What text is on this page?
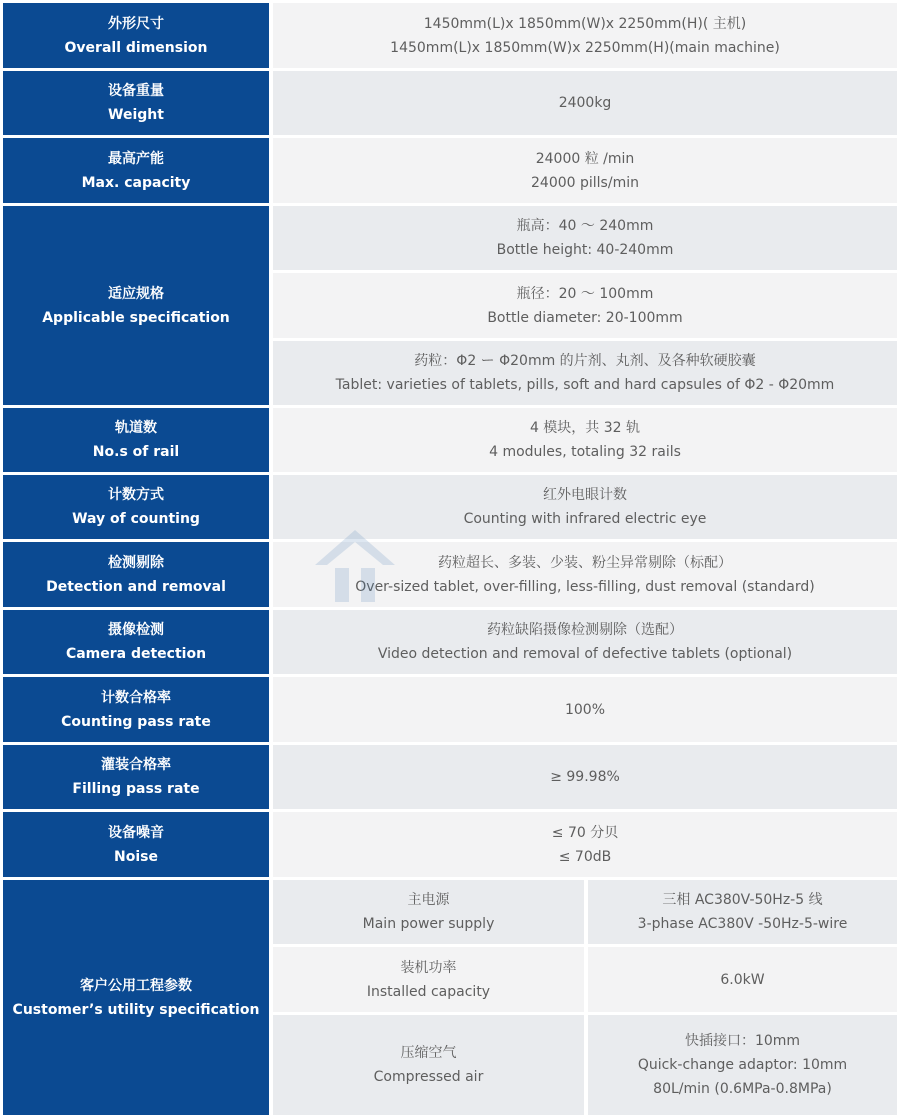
外形尺寸
Overall dimension
1450mm(L)x 1850mm(W)x 2250mm(H)( 主机)
1450mm(L)x 1850mm(W)x 2250mm(H)(main machine)
设备重量
Weight
2400kg
最高产能
Max. capacity
24000 粒 /min
24000 pills/min
适应规格
Applicable specification
瓶高：40 ～ 240mm
Bottle height: 40-240mm
瓶径：20 ～ 100mm
Bottle diameter: 20-100mm
药粒：Φ2 ー Φ20mm 的片剂、丸剂、及各种软硬胶囊
Tablet: varieties of tablets, pills, soft and hard capsules of Φ2 - Φ20mm
轨道数
No.s of rail
4 模块，共 32 轨
4 modules, totaling 32 rails
计数方式
Way of counting
红外电眼计数
Counting with infrared electric eye
检测剔除
Detection and removal
药粒超长、多装、少装、粉尘异常剔除（标配）
Over-sized tablet, over-filling, less-filling, dust removal (standard)
摄像检测
Camera detection
药粒缺陷摄像检测剔除（选配）
Video detection and removal of defective tablets (optional)
计数合格率
Counting pass rate
100%
灌装合格率
Filling pass rate
≥ 99.98%
设备噪音
Noise
≤ 70 分贝
≤ 70dB
客户公用工程参数
Customer’s utility specification
主电源
Main power supply
三相 AC380V-50Hz-5 线
3-phase AC380V -50Hz-5-wire
装机功率
Installed capacity
6.0kW
压缩空气
Compressed air
快插接口：10mm
Quick-change adaptor: 10mm
80L/min (0.6MPa-0.8MPa)
